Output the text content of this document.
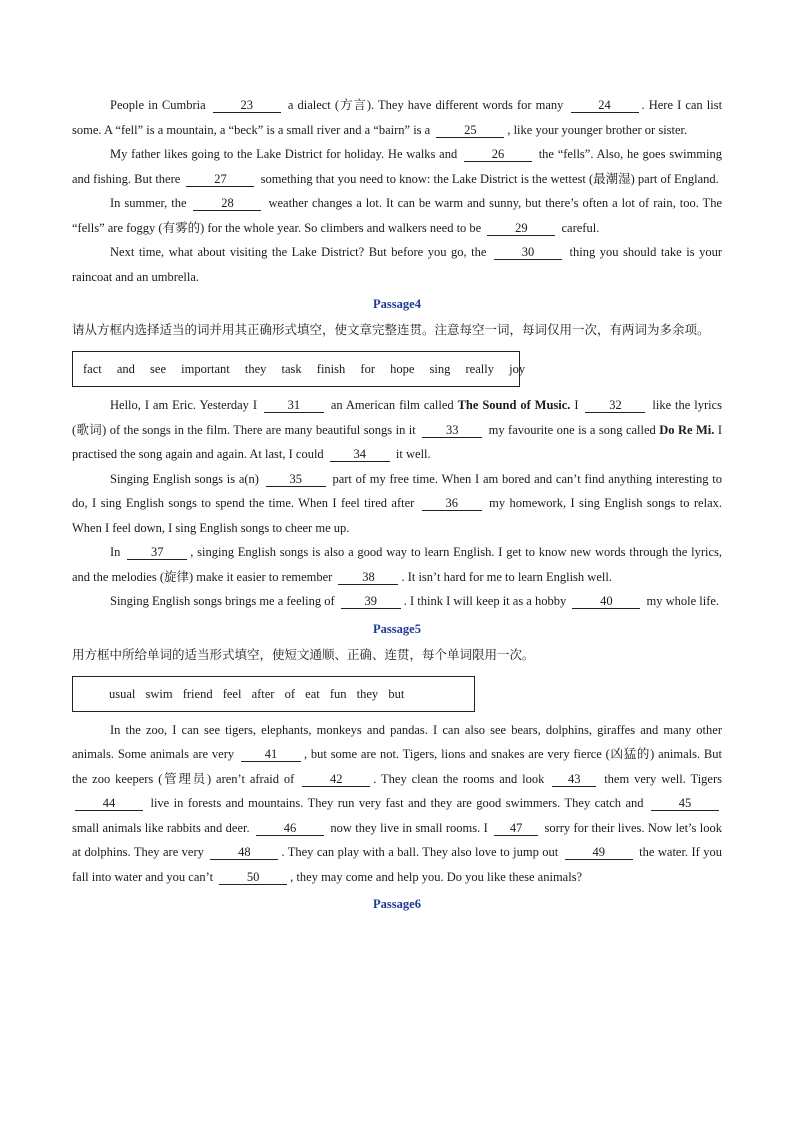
People in Cumbria	23	a dialect (方言). They have different words for many	24 . Here I can list some. A “fell” is a mountain, a “beck” is a small river and a “bairn” is a	25 , like your younger brother or sister.

My father likes going to the Lake District for holiday. He walks and	26	the “fells”. Also, he goes swimming and fishing. But there	27	something that you need to know: the Lake District is the wettest (最潮湿) part of England.

In summer, the	28	weather changes a lot. It can be warm and sunny, but there’s often a lot of rain, too. The “fells” are foggy (有雾的) for the whole year. So climbers and walkers need to be	29	careful.

Next time, what about visiting the Lake District? But before you go, the	30	thing you should take is your raincoat and an umbrella.

Passage4

请从方框内选择适当的词并用其正确形式填空，使文章完整连贯。注意每空一词，每词仅用一次，有两词为多余项。

fact and see important they task finish for hope sing really joy

Hello, I am Eric. Yesterday I 31 an American film called The Sound of Music. I 32 like the lyrics (歌词) of the songs in the film. There are many beautiful songs in it 33 my favourite one is a song called Do Re Mi. I practised the song again and again. At last, I could 34 it well.

Singing English songs is a(n) 35 part of my free time. When I am bored and can’t find anything interesting to do, I sing English songs to spend the time. When I feel tired after 36 my homework, I sing English songs to relax. When I feel down, I sing English songs to cheer me up.

In 37 , singing English songs is also a good way to learn English. I get to know new words through the lyrics, and the melodies (旋律) make it easier to remember 38 . It isn’t hard for me to learn English well.

Singing English songs brings me a feeling of 39 . I think I will keep it as a hobby	40	my whole life.

Passage5

用方框中所给单词的适当形式填空，使短文通顺、正确、连贯，每个单词限用一次。

usual swim friend feel after of eat fun they but

In the zoo, I can see tigers, elephants, monkeys and pandas. I can also see bears, dolphins, giraffes and many other animals. Some animals are very 41 , but some are not. Tigers, lions and snakes are very fierce (凶猛的) animals. But the zoo keepers (管理员) aren’t afraid of	42 . They clean the rooms and look 43 them very well. Tigers 44	live in forests and mountains. They run very fast and they are good swimmers. They catch and	45 small animals like rabbits and deer.	46	now they live in small rooms. I 47 sorry for their lives. Now let’s look at dolphins. They are very	48 . They can play with a ball. They also love to jump out	49	the water. If you fall into water and you can’t	50 , they may come and help you. Do you like these animals?

Passage6
